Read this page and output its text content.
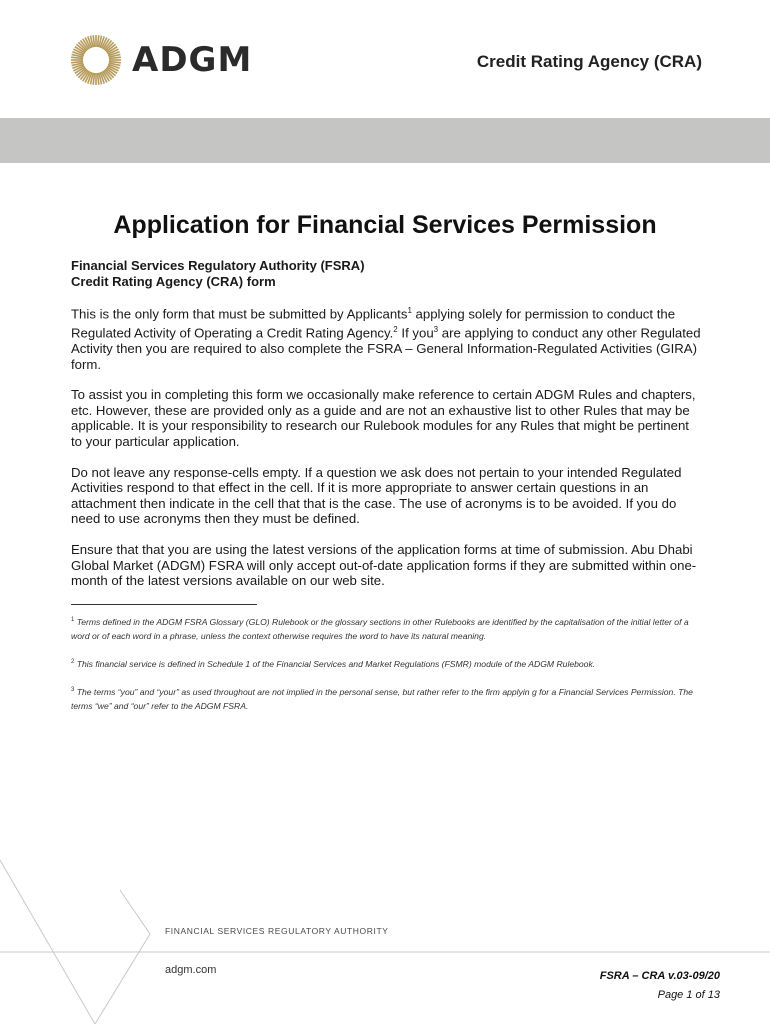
ADGM	Credit Rating Agency (CRA)
Application for Financial Services Permission
Financial Services Regulatory Authority (FSRA)
Credit Rating Agency (CRA) form

This is the only form that must be submitted by Applicants$^1$ applying solely for permission to conduct the Regulated Activity of Operating a Credit Rating Agency.$^2$ If you$^3$ are applying to conduct any other Regulated Activity then you are required to also complete the FSRA – General Information-Regulated Activities (GIRA) form.

To assist you in completing this form we occasionally make reference to certain ADGM Rules and chapters, etc. However, these are provided only as a guide and are not an exhaustive list to other Rules that may be applicable. It is your responsibility to research our Rulebook modules for any Rules that might be pertinent to your particular application.

Do not leave any response-cells empty. If a question we ask does not pertain to your intended Regulated Activities respond to that effect in the cell. If it is more appropriate to answer certain questions in an attachment then indicate in the cell that that is the case. The use of acronyms is to be avoided. If you do need to use acronyms then they must be defined.

Ensure that that you are using the latest versions of the application forms at time of submission. Abu Dhabi Global Market (ADGM) FSRA will only accept out-of-date application forms if they are submitted within one-month of the latest versions available on our web site.

$^1$ Terms defined in the ADGM FSRA Glossary (GLO) Rulebook or the glossary sections in other Rulebooks are identified by the capitalisation of the initial letter of a word or of each word in a phrase, unless the context otherwise requires the word to have its natural meaning.

$^2$ This financial service is defined in Schedule 1 of the Financial Services and Market Regulations (FSMR) module of the ADGM Rulebook.

$^3$ The terms “you” and “your” as used throughout are not implied in the personal sense, but rather refer to the firm applyin g for a Financial Services Permission. The terms “we” and “our” refer to the ADGM FSRA.

FINANCIAL SERVICES REGULATORY AUTHORITY
adgm.com	FSRA – CRA v.03-09/20
Page 1 of 13
